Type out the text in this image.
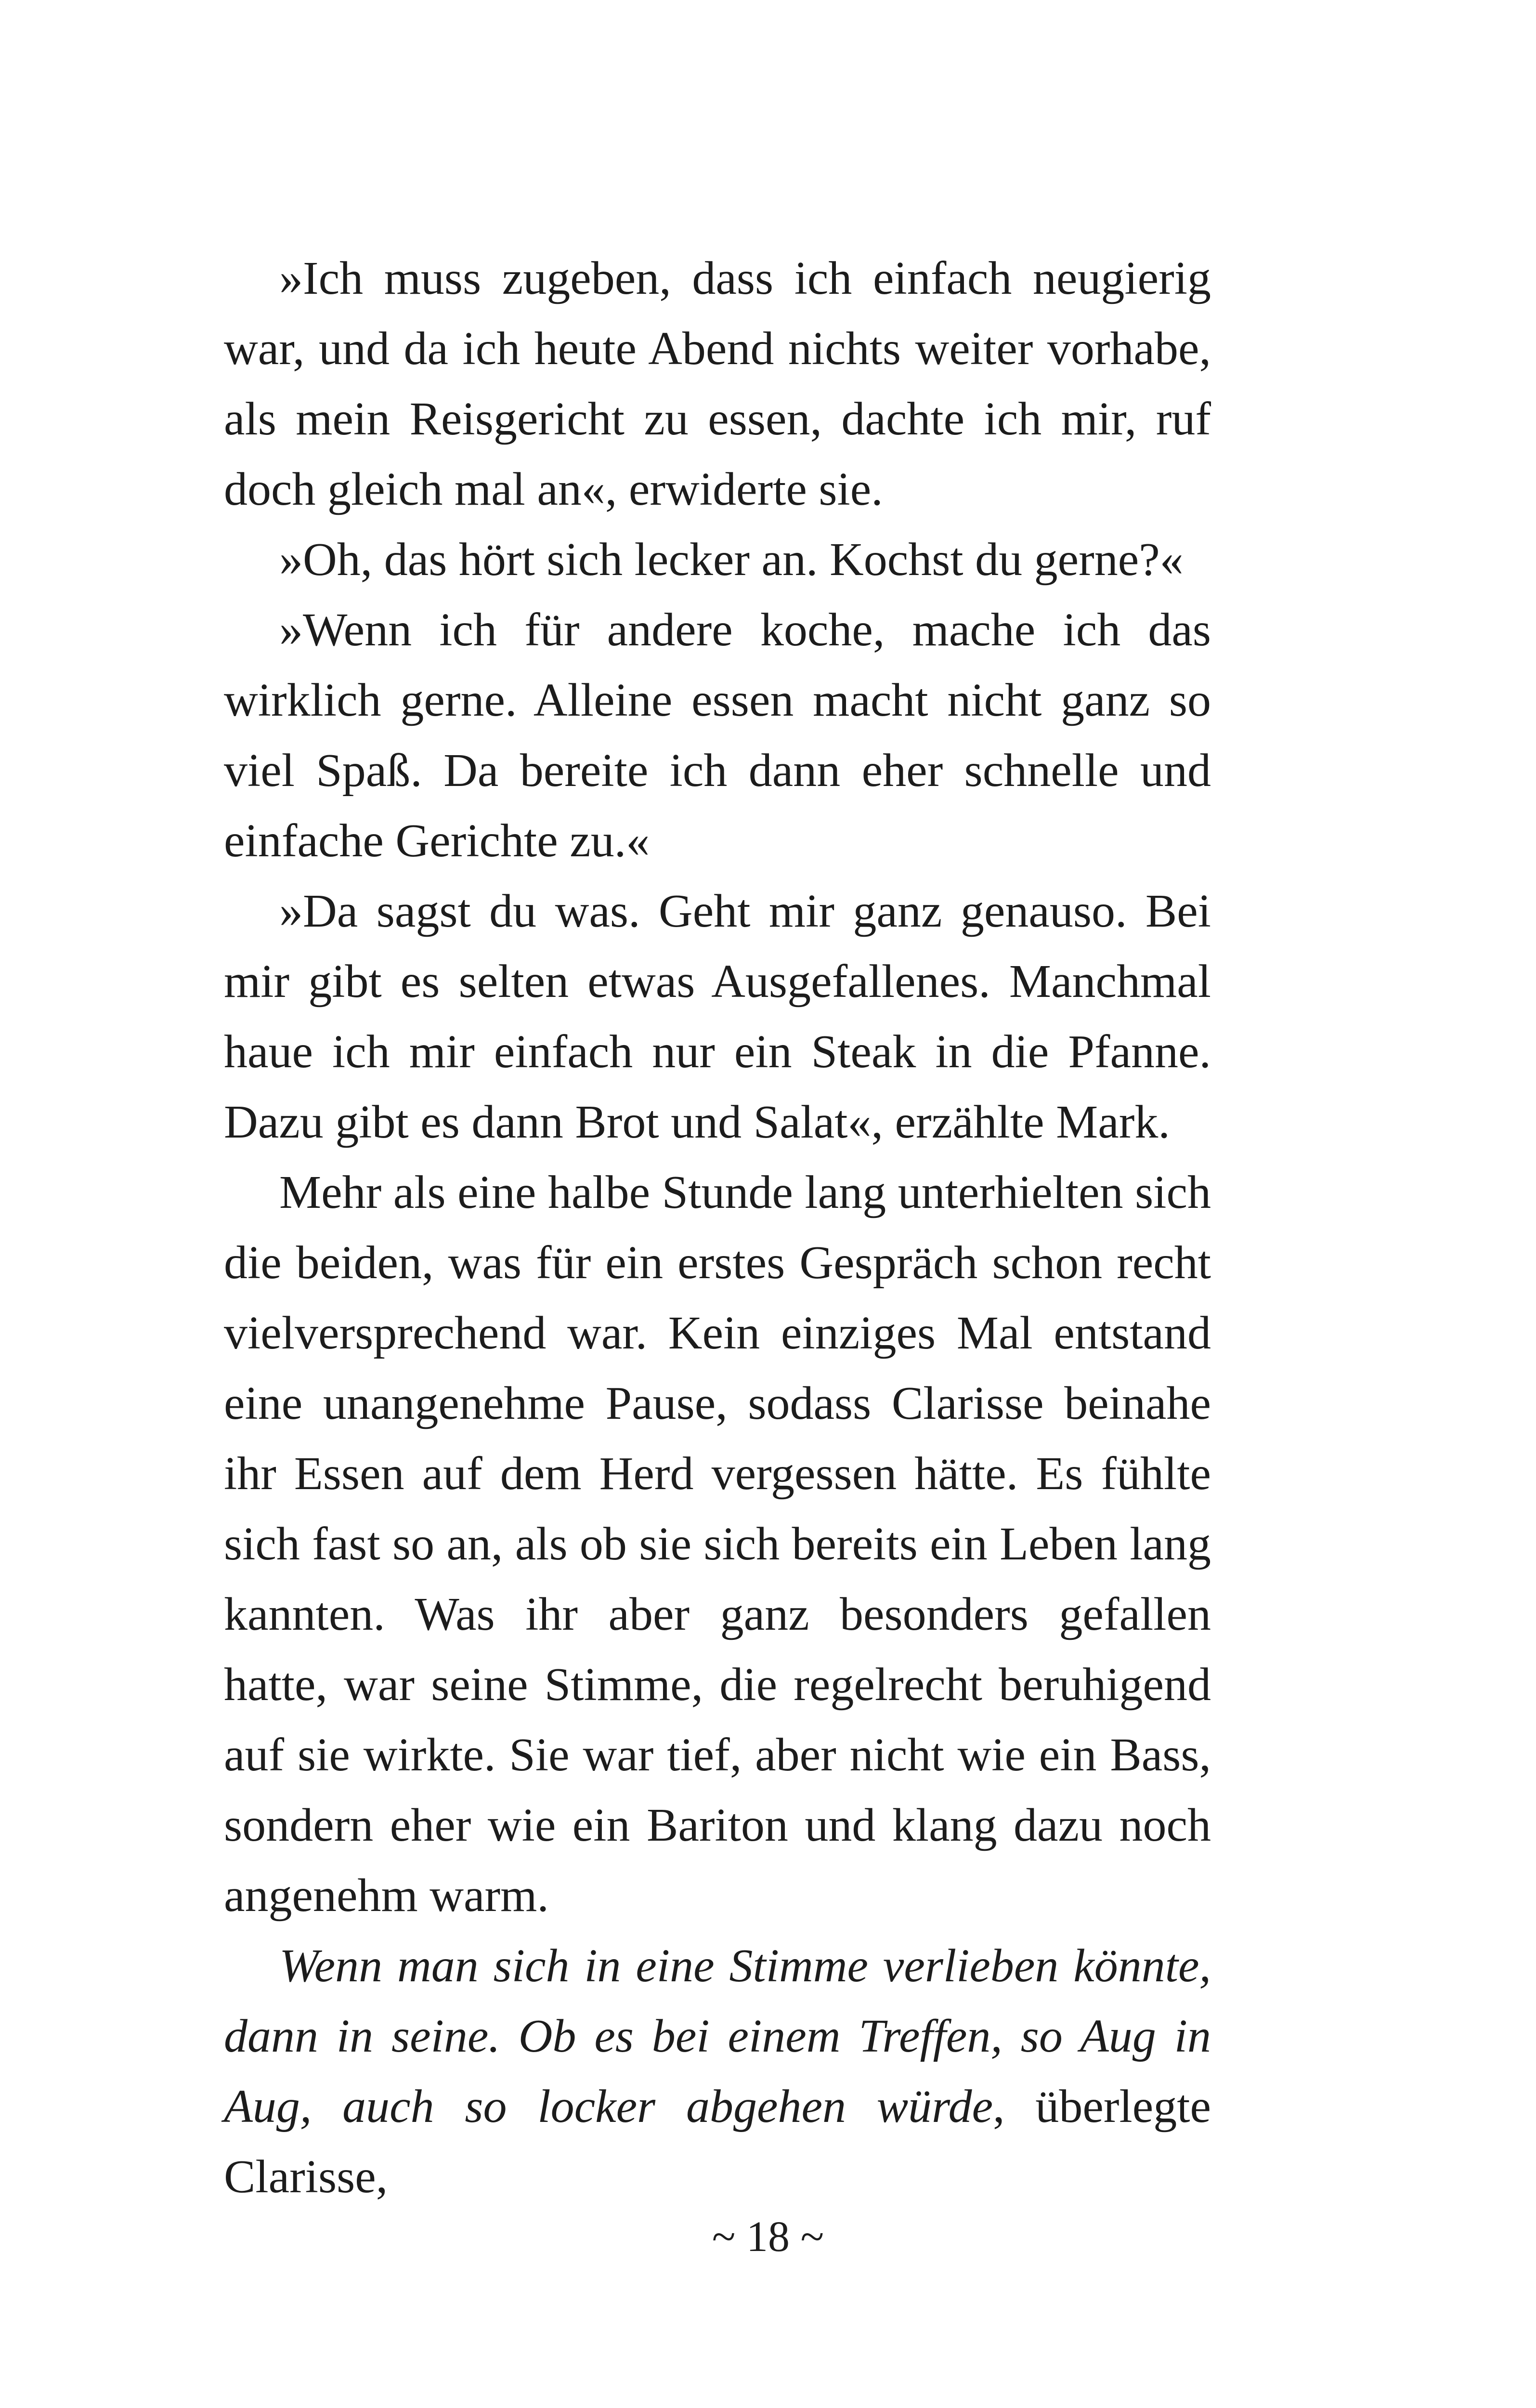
»Ich muss zugeben, dass ich einfach neugierig war, und da ich heute Abend nichts weiter vorhabe, als mein Reisgericht zu essen, dachte ich mir, ruf doch gleich mal an«, erwiderte sie.

»Oh, das hört sich lecker an. Kochst du gerne?«

»Wenn ich für andere koche, mache ich das wirklich gerne. Alleine essen macht nicht ganz so viel Spaß. Da bereite ich dann eher schnelle und einfache Gerichte zu.«

»Da sagst du was. Geht mir ganz genauso. Bei mir gibt es selten etwas Ausgefallenes. Manchmal haue ich mir einfach nur ein Steak in die Pfanne. Dazu gibt es dann Brot und Salat«, erzählte Mark.

Mehr als eine halbe Stunde lang unterhielten sich die beiden, was für ein erstes Gespräch schon recht vielversprechend war. Kein einziges Mal entstand eine unangenehme Pause, sodass Clarisse beinahe ihr Essen auf dem Herd vergessen hätte. Es fühlte sich fast so an, als ob sie sich bereits ein Leben lang kannten. Was ihr aber ganz besonders gefallen hatte, war seine Stimme, die regelrecht beruhigend auf sie wirkte. Sie war tief, aber nicht wie ein Bass, sondern eher wie ein Bariton und klang dazu noch angenehm warm.

Wenn man sich in eine Stimme verlieben könnte, dann in seine. Ob es bei einem Treffen, so Aug in Aug, auch so locker abgehen würde, überlegte Clarisse,

~ 18 ~
